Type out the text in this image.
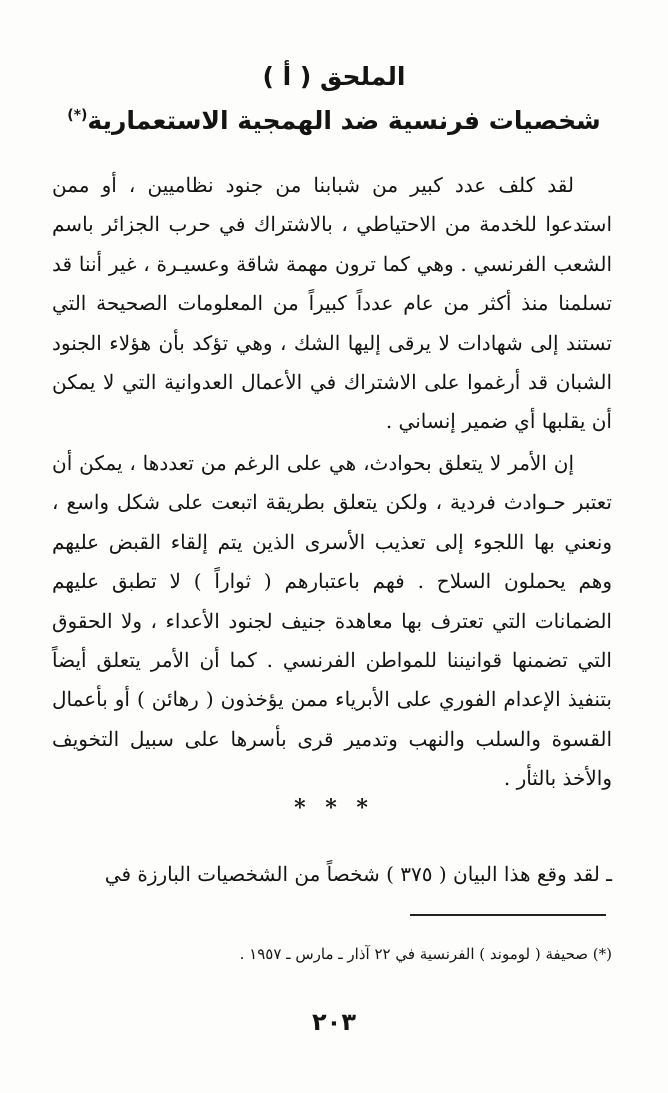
الملحق ( أ )
شخصيات فرنسية ضد الهمجية الاستعمارية(*)
لقد كلف عدد كبير من شبابنا من جنود نظاميين ، أو ممن استدعوا للخدمة من الاحتياطي ، بالاشتراك في حرب الجزائر باسم الشعب الفرنسي . وهي كما ترون مهمة شاقة وعسيـرة ، غير أننا قد تسلمنا منذ أكثر من عام عدداً كبيراً من المعلومات الصحيحة التي تستند إلى شهادات لا يرقى إليها الشك ، وهي تؤكد بأن هؤلاء الجنود الشبان قد أرغموا على الاشتراك في الأعمال العدوانية التي لا يمكن أن يقلبها أي ضمير إنساني .
إن الأمر لا يتعلق بحوادث، هي على الرغم من تعددها ، يمكن أن تعتبر حـوادث فردية ، ولكن يتعلق بطريقة اتبعت على شكل واسع ، ونعني بها اللجوء إلى تعذيب الأسرى الذين يتم إلقاء القبض عليهم وهم يحملون السلاح . فهم باعتبارهم ( ثواراً ) لا تطبق عليهم الضمانات التي تعترف بها معاهدة جنيف لجنود الأعداء ، ولا الحقوق التي تضمنها قوانيننا للمواطن الفرنسي . كما أن الأمر يتعلق أيضاً بتنفيذ الإعدام الفوري على الأبرياء ممن يؤخذون ( رهائن ) أو بأعمال القسوة والسلب والنهب وتدمير قرى بأسرها على سبيل التخويف والأخذ بالثأر .
* * *
ـ لقد وقع هذا البيان ( ٣٧٥ ) شخصاً من الشخصيات البارزة في
(*) صحيفة ( لوموند ) الفرنسية في ٢٢ آذار ـ مارس ـ ١٩٥٧ .
٢٠٣
